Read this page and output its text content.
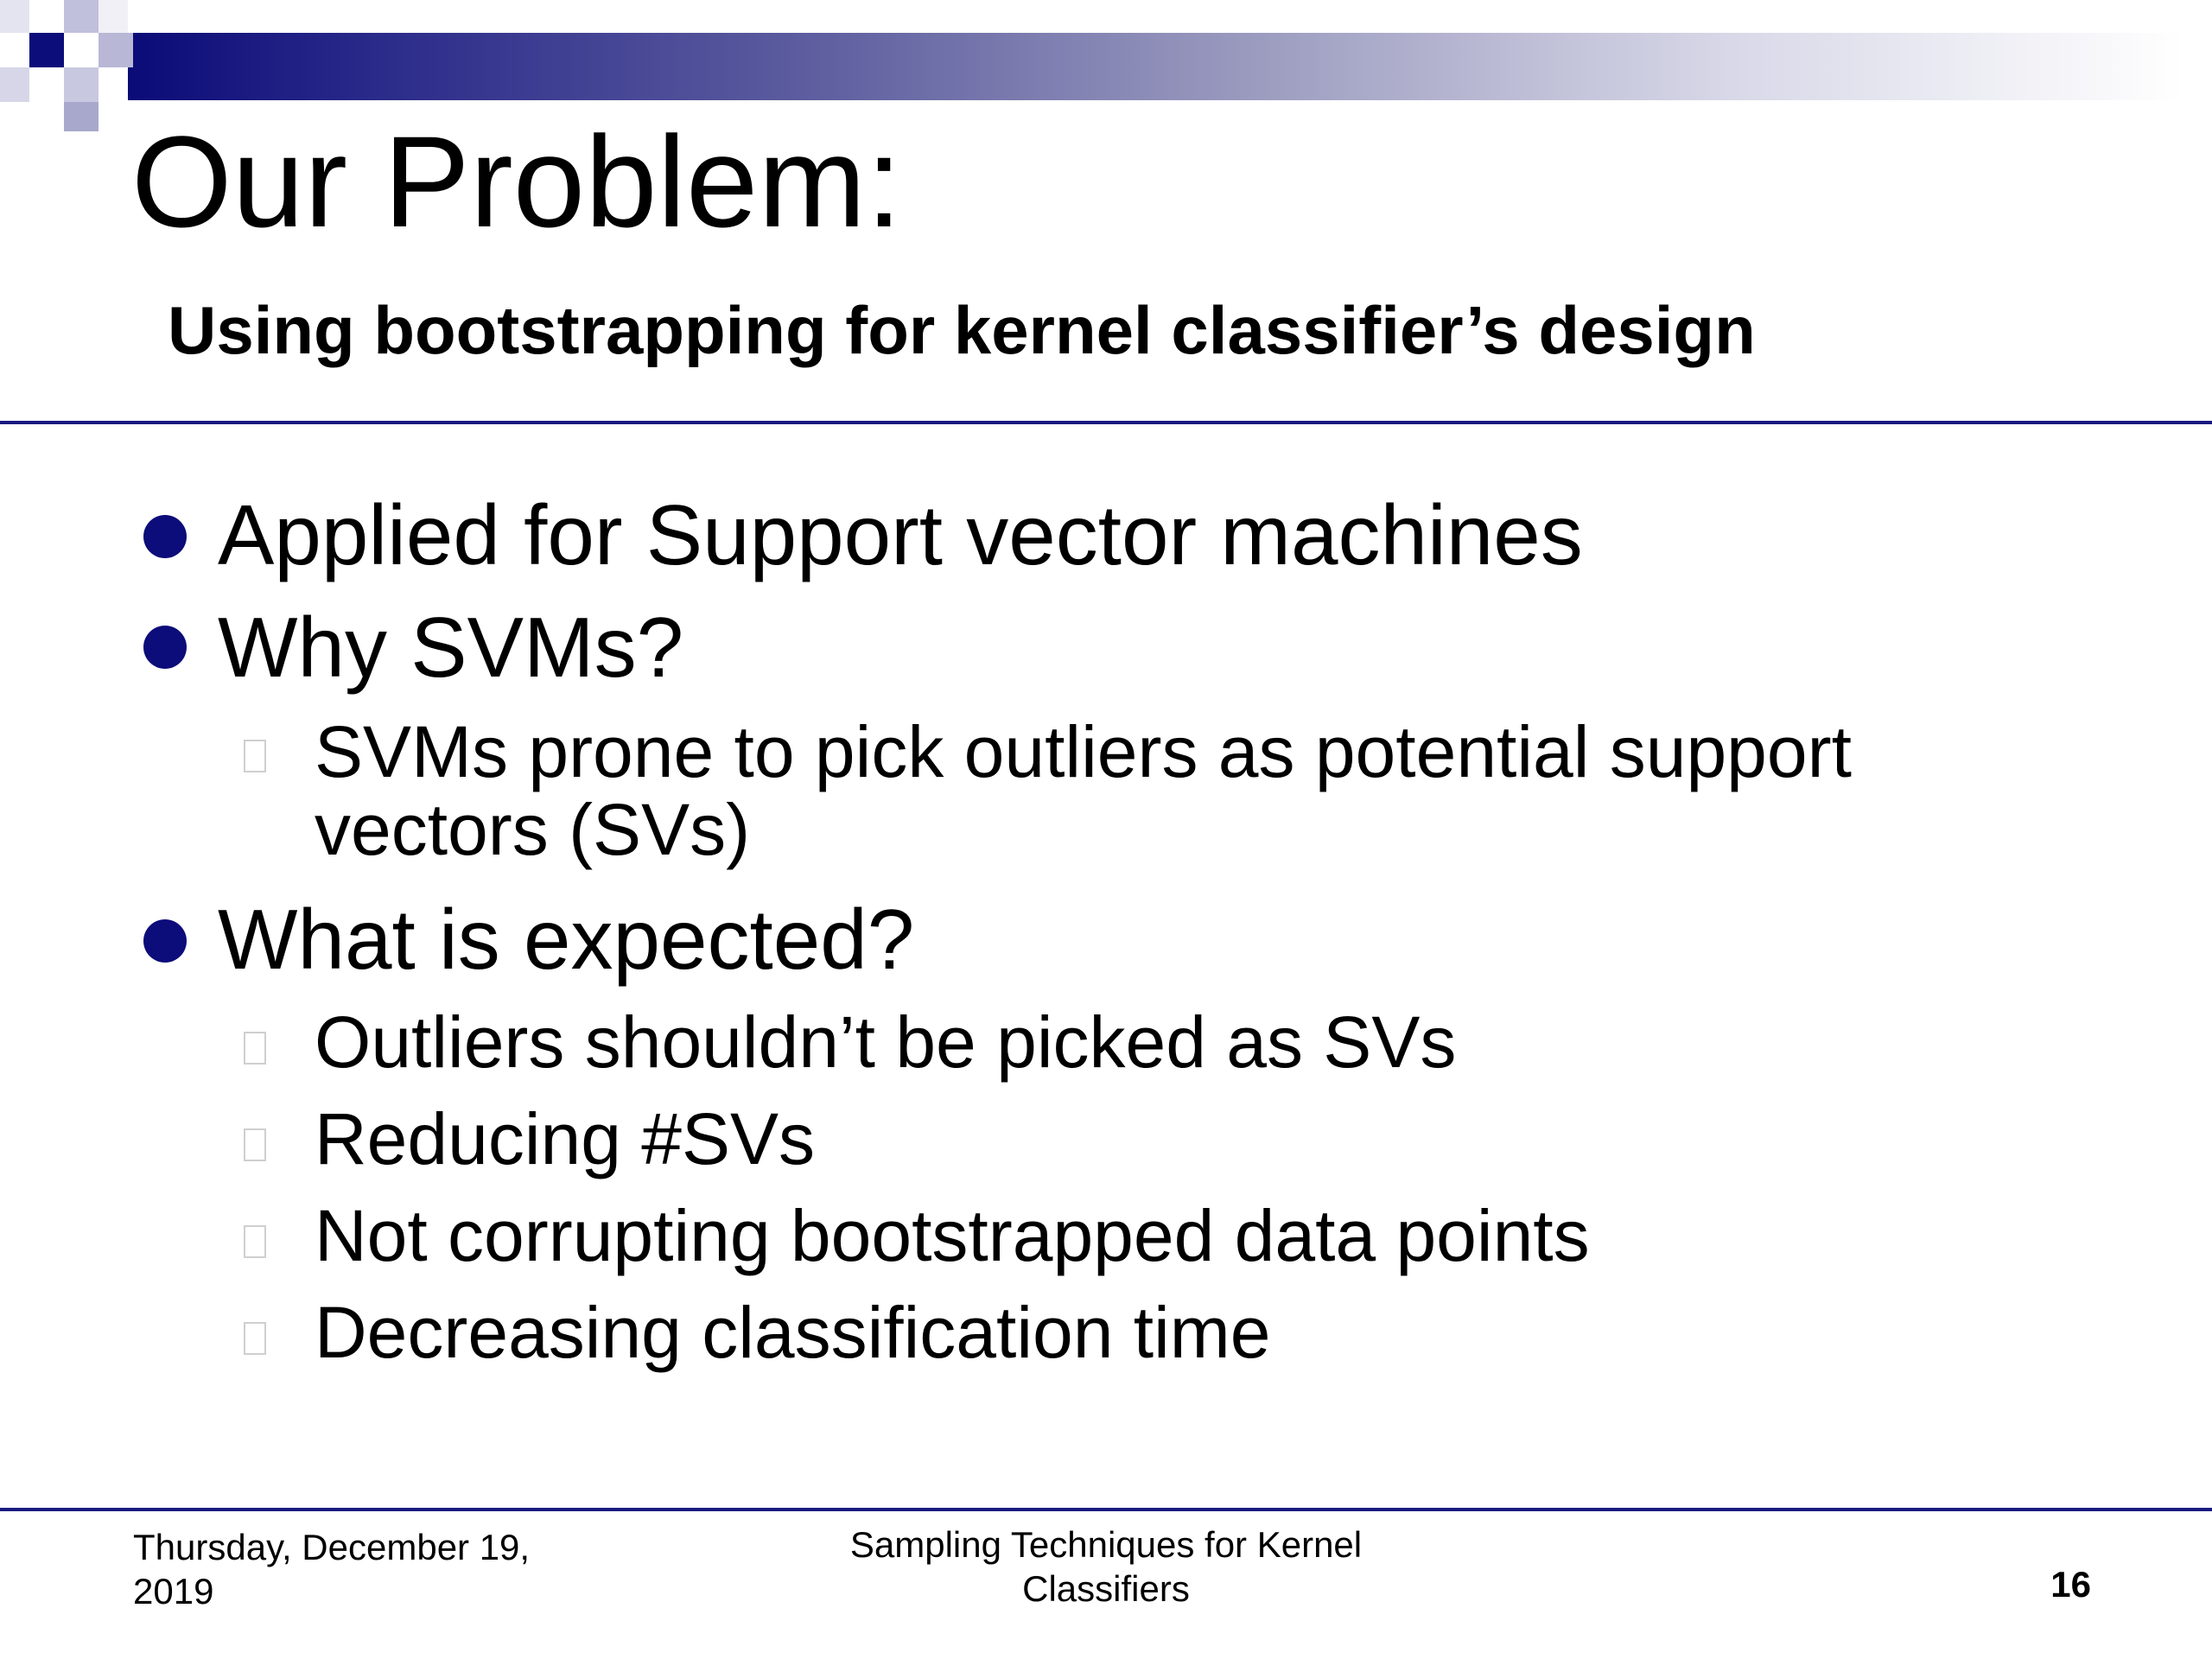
Our Problem:
Using bootstrapping for kernel classifier’s design
Applied for Support vector machines
Why SVMs?
SVMs prone to pick outliers as potential support vectors (SVs)
What is expected?
Outliers shouldn’t be picked as SVs
Reducing #SVs
Not corrupting bootstrapped data points
Decreasing classification time
Thursday, December 19, 2019
Sampling Techniques for Kernel Classifiers	16
